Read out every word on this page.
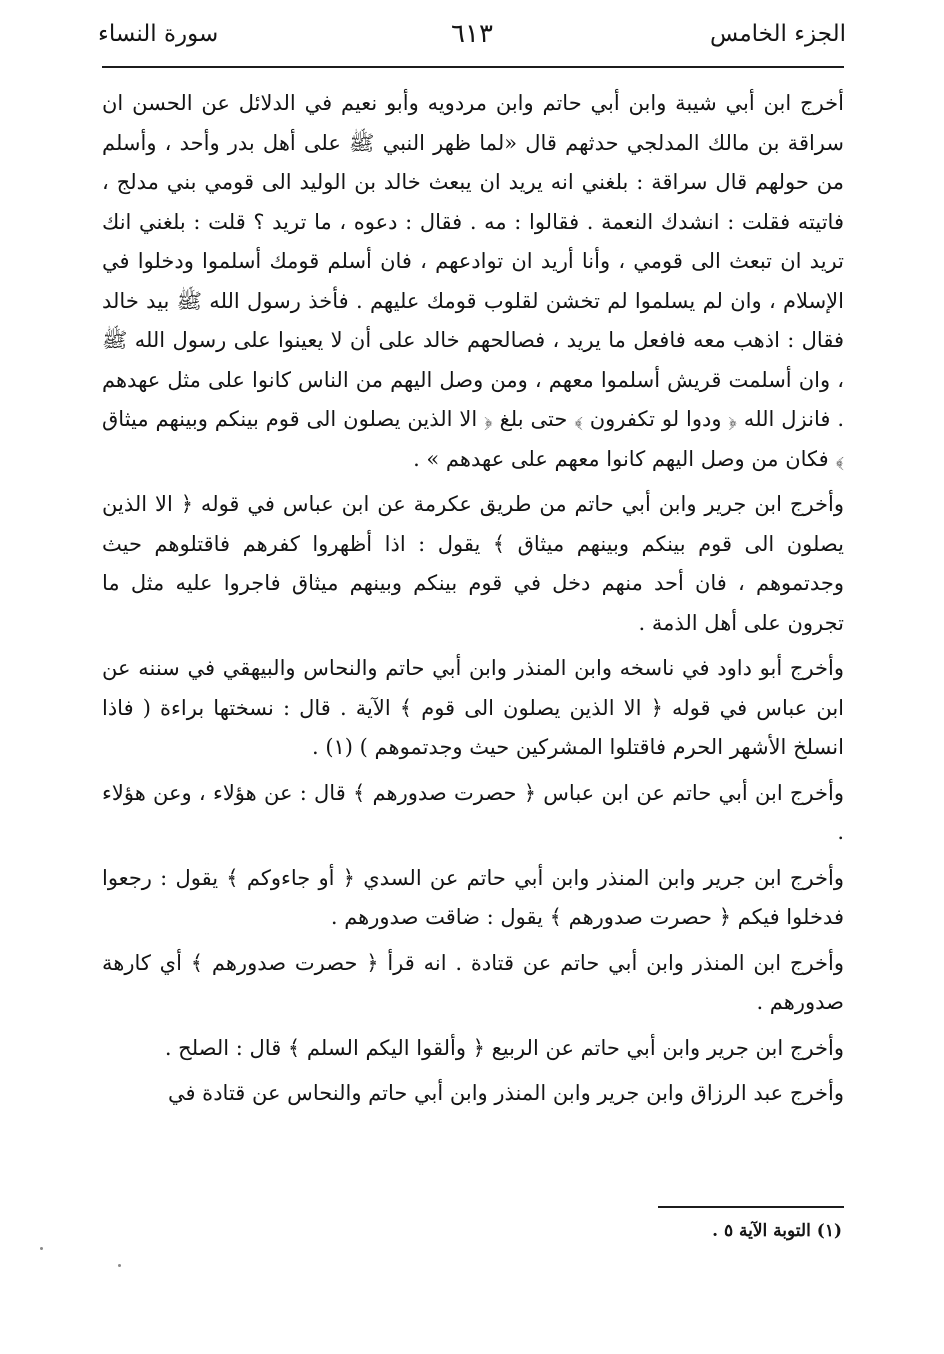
الجزء الخامس
٦١٣
سورة النساء

أخرج ابن أبي شيبة وابن أبي حاتم وابن مردويه وأبو نعيم في الدلائل عن الحسن ان سراقة بن مالك المدلجي حدثهم قال «لما ظهر النبي ﷺ على أهل بدر وأحد ، وأسلم من حولهم قال سراقة : بلغني انه يريد ان يبعث خالد بن الوليد الى قومي بني مدلج ، فاتيته فقلت : انشدك النعمة . فقالوا : مه . فقال : دعوه ، ما تريد ؟ قلت : بلغني انك تريد ان تبعث الى قومي ، وأنا أريد ان توادعهم ، فان أسلم قومك أسلموا ودخلوا في الإسلام ، وان لم يسلموا لم تخشن لقلوب قومك عليهم . فأخذ رسول الله ﷺ بيد خالد فقال : اذهب معه فافعل ما يريد ، فصالحهم خالد على أن لا يعينوا على رسول الله ﷺ ، وان أسلمت قريش أسلموا معهم ، ومن وصل اليهم من الناس كانوا على مثل عهدهم . فانزل الله ﴿ ودوا لو تكفرون ﴾ حتى بلغ ﴿ الا الذين يصلون الى قوم بينكم وبينهم ميثاق ﴾ فكان من وصل اليهم كانوا معهم على عهدهم » .

وأخرج ابن جرير وابن أبي حاتم من طريق عكرمة عن ابن عباس في قوله ﴿ الا الذين يصلون الى قوم بينكم وبينهم ميثاق ﴾ يقول : اذا أظهروا كفرهم فاقتلوهم حيث وجدتموهم ، فان أحد منهم دخل في قوم بينكم وبينهم ميثاق فاجروا عليه مثل ما تجرون على أهل الذمة .

وأخرج أبو داود في ناسخه وابن المنذر وابن أبي حاتم والنحاس والبيهقي في سننه عن ابن عباس في قوله ﴿ الا الذين يصلون الى قوم ﴾ الآية . قال : نسختها براءة ( فاذا انسلخ الأشهر الحرم فاقتلوا المشركين حيث وجدتموهم ) (١) .

وأخرج ابن أبي حاتم عن ابن عباس ﴿ حصرت صدورهم ﴾ قال : عن هؤلاء ، وعن هؤلاء .

وأخرج ابن جرير وابن المنذر وابن أبي حاتم عن السدي ﴿ أو جاءوكم ﴾ يقول : رجعوا فدخلوا فيكم ﴿ حصرت صدورهم ﴾ يقول : ضاقت صدورهم .

وأخرج ابن المنذر وابن أبي حاتم عن قتادة . انه قرأ ﴿ حصرت صدورهم ﴾ أي كارهة صدورهم .

وأخرج ابن جرير وابن أبي حاتم عن الربيع ﴿ وألقوا اليكم السلم ﴾ قال : الصلح .

وأخرج عبد الرزاق وابن جرير وابن المنذر وابن أبي حاتم والنحاس عن قتادة في

(١) التوبة الآية ٥ .
